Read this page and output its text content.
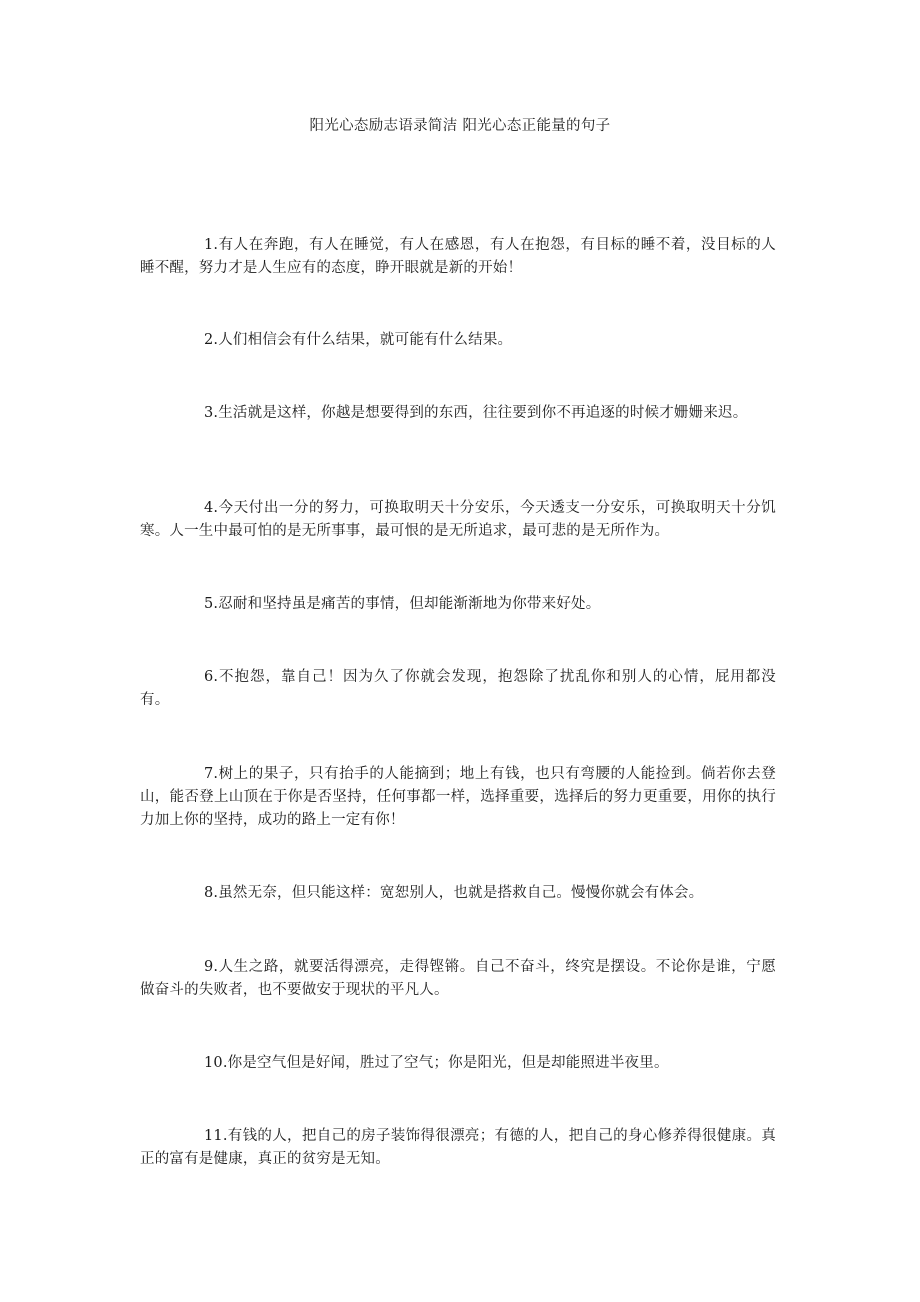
阳光心态励志语录简洁 阳光心态正能量的句子

1.有人在奔跑，有人在睡觉，有人在感恩，有人在抱怨，有目标的睡不着，没目标的人睡不醒，努力才是人生应有的态度，睁开眼就是新的开始！

2.人们相信会有什么结果，就可能有什么结果。

3.生活就是这样，你越是想要得到的东西，往往要到你不再追逐的时候才姗姗来迟。

4.今天付出一分的努力，可换取明天十分安乐，今天透支一分安乐，可换取明天十分饥寒。人一生中最可怕的是无所事事，最可恨的是无所追求，最可悲的是无所作为。

5.忍耐和坚持虽是痛苦的事情，但却能渐渐地为你带来好处。

6.不抱怨，靠自己！因为久了你就会发现，抱怨除了扰乱你和别人的心情，屁用都没有。

7.树上的果子，只有抬手的人能摘到；地上有钱，也只有弯腰的人能捡到。倘若你去登山，能否登上山顶在于你是否坚持，任何事都一样，选择重要，选择后的努力更重要，用你的执行力加上你的坚持，成功的路上一定有你！

8.虽然无奈，但只能这样：宽恕别人，也就是搭救自己。慢慢你就会有体会。

9.人生之路，就要活得漂亮，走得铿锵。自己不奋斗，终究是摆设。不论你是谁，宁愿做奋斗的失败者，也不要做安于现状的平凡人。

10.你是空气但是好闻，胜过了空气；你是阳光，但是却能照进半夜里。

11.有钱的人，把自己的房子装饰得很漂亮；有德的人，把自己的身心修养得很健康。真正的富有是健康，真正的贫穷是无知。
